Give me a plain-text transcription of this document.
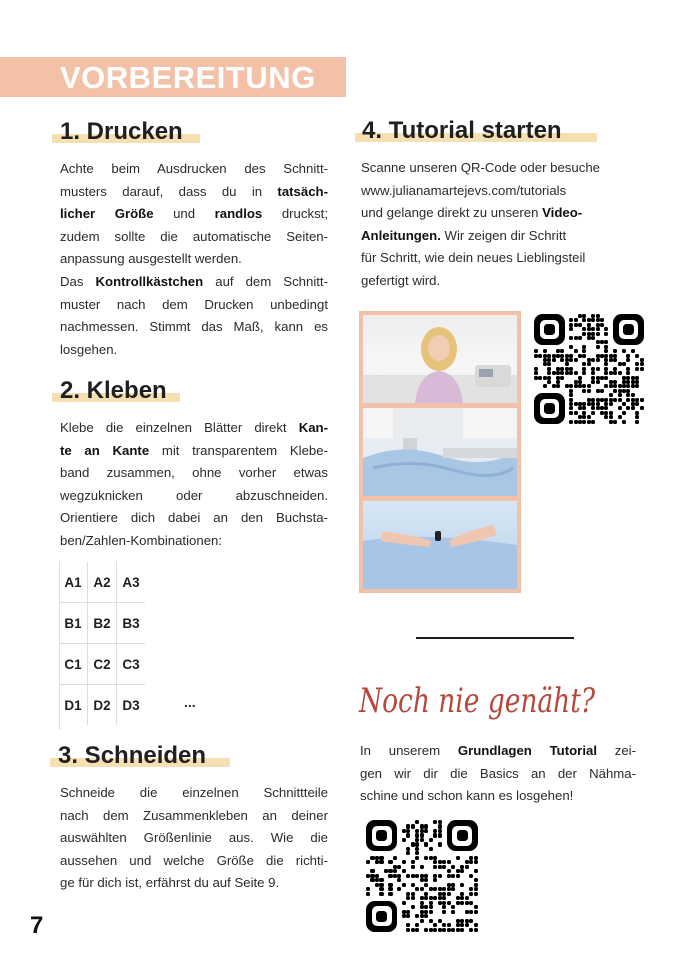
VORBEREITUNG
1. Drucken
Achte beim Ausdrucken des Schnitt-
musters darauf, dass du in tatsäch-
licher Größe und randlos druckst;
zudem sollte die automatische Seiten-
anpassung ausgestellt werden.
Das Kontrollkästchen auf dem Schnitt-
muster nach dem Drucken unbedingt
nachmessen. Stimmt das Maß, kann es
losgehen.
2. Kleben
Klebe die einzelnen Blätter direkt Kan-
te an Kante mit transparentem Klebe-
band zusammen, ohne vorher etwas
wegzuknicken oder abzuschneiden.
Orientiere dich dabei an den Buchsta-
ben/Zahlen-Kombinationen:
A1	A2	A3
B1	B2	B3
C1	C2	C3
D1	D2	D3	...
3. Schneiden
Schneide die einzelnen Schnittteile
nach dem Zusammenkleben an deiner
auswählten Größenlinie aus. Wie die
aussehen und welche Größe die richti-
ge für dich ist, erfährst du auf Seite 9.
4. Tutorial starten
Scanne unseren QR-Code oder besuche
www.julianamartejevs.com/tutorials
und gelange direkt zu unseren Video-
Anleitungen. Wir zeigen dir Schritt
für Schritt, wie dein neues Lieblingsteil
gefertigt wird.
Noch nie genäht?
In unserem Grundlagen Tutorial zei-
gen wir dir die Basics an der Nähma-
schine und schon kann es losgehen!
7
